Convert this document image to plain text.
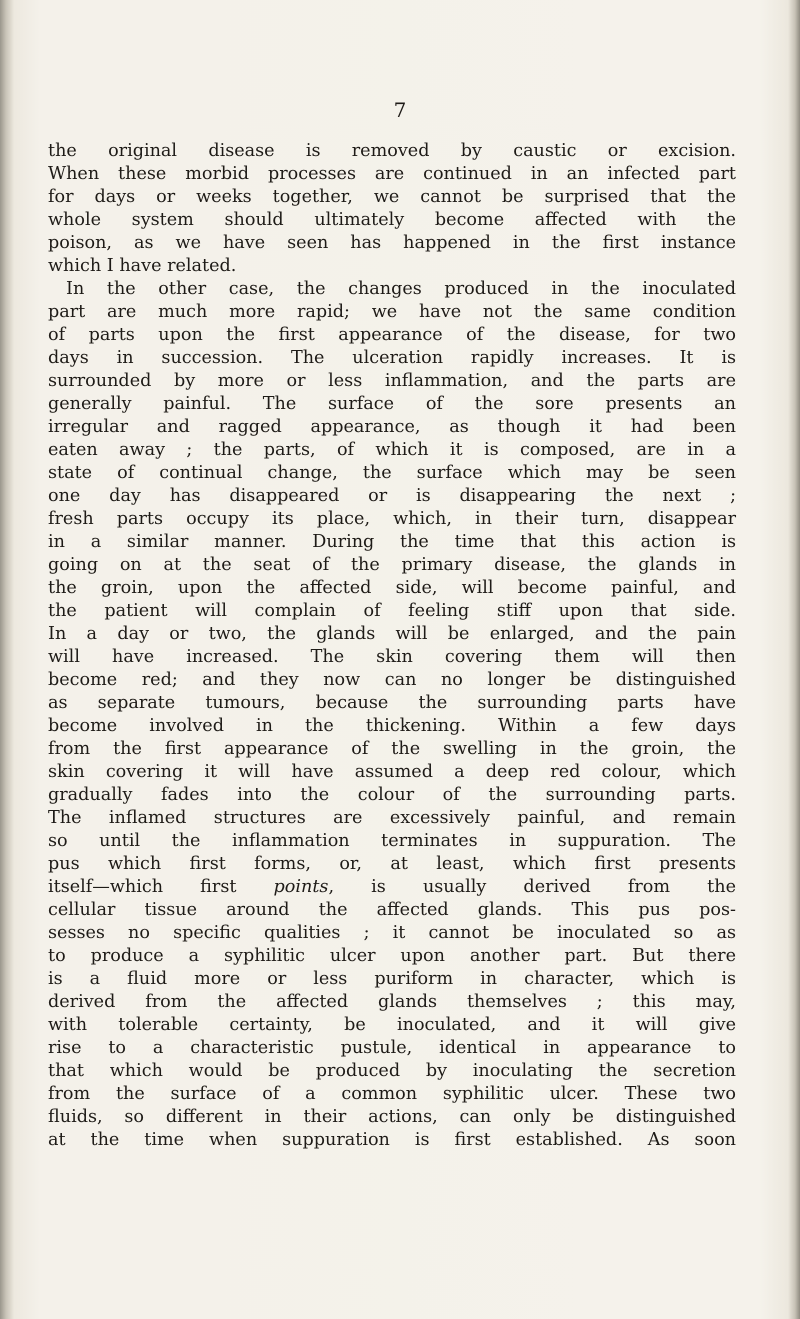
7
the original disease is removed by caustic or excision.
When these morbid processes are continued in an infected part
for days or weeks together, we cannot be surprised that the
whole system should ultimately become affected with the
poison, as we have seen has happened in the first instance
which I have related.
In the other case, the changes produced in the inoculated
part are much more rapid; we have not the same condition
of parts upon the first appearance of the disease, for two
days in succession. The ulceration rapidly increases. It is
surrounded by more or less inflammation, and the parts are
generally painful. The surface of the sore presents an
irregular and ragged appearance, as though it had been
eaten away ; the parts, of which it is composed, are in a
state of continual change, the surface which may be seen
one day has disappeared or is disappearing the next ;
fresh parts occupy its place, which, in their turn, disappear
in a similar manner. During the time that this action is
going on at the seat of the primary disease, the glands in
the groin, upon the affected side, will become painful, and
the patient will complain of feeling stiff upon that side.
In a day or two, the glands will be enlarged, and the pain
will have increased. The skin covering them will then
become red; and they now can no longer be distinguished
as separate tumours, because the surrounding parts have
become involved in the thickening. Within a few days
from the first appearance of the swelling in the groin, the
skin covering it will have assumed a deep red colour, which
gradually fades into the colour of the surrounding parts.
The inflamed structures are excessively painful, and remain
so until the inflammation terminates in suppuration. The
pus which first forms, or, at least, which first presents
itself—which first points, is usually derived from the
cellular tissue around the affected glands. This pus pos-
sesses no specific qualities ; it cannot be inoculated so as
to produce a syphilitic ulcer upon another part. But there
is a fluid more or less puriform in character, which is
derived from the affected glands themselves ; this may,
with tolerable certainty, be inoculated, and it will give
rise to a characteristic pustule, identical in appearance to
that which would be produced by inoculating the secretion
from the surface of a common syphilitic ulcer. These two
fluids, so different in their actions, can only be distinguished
at the time when suppuration is first established. As soon
